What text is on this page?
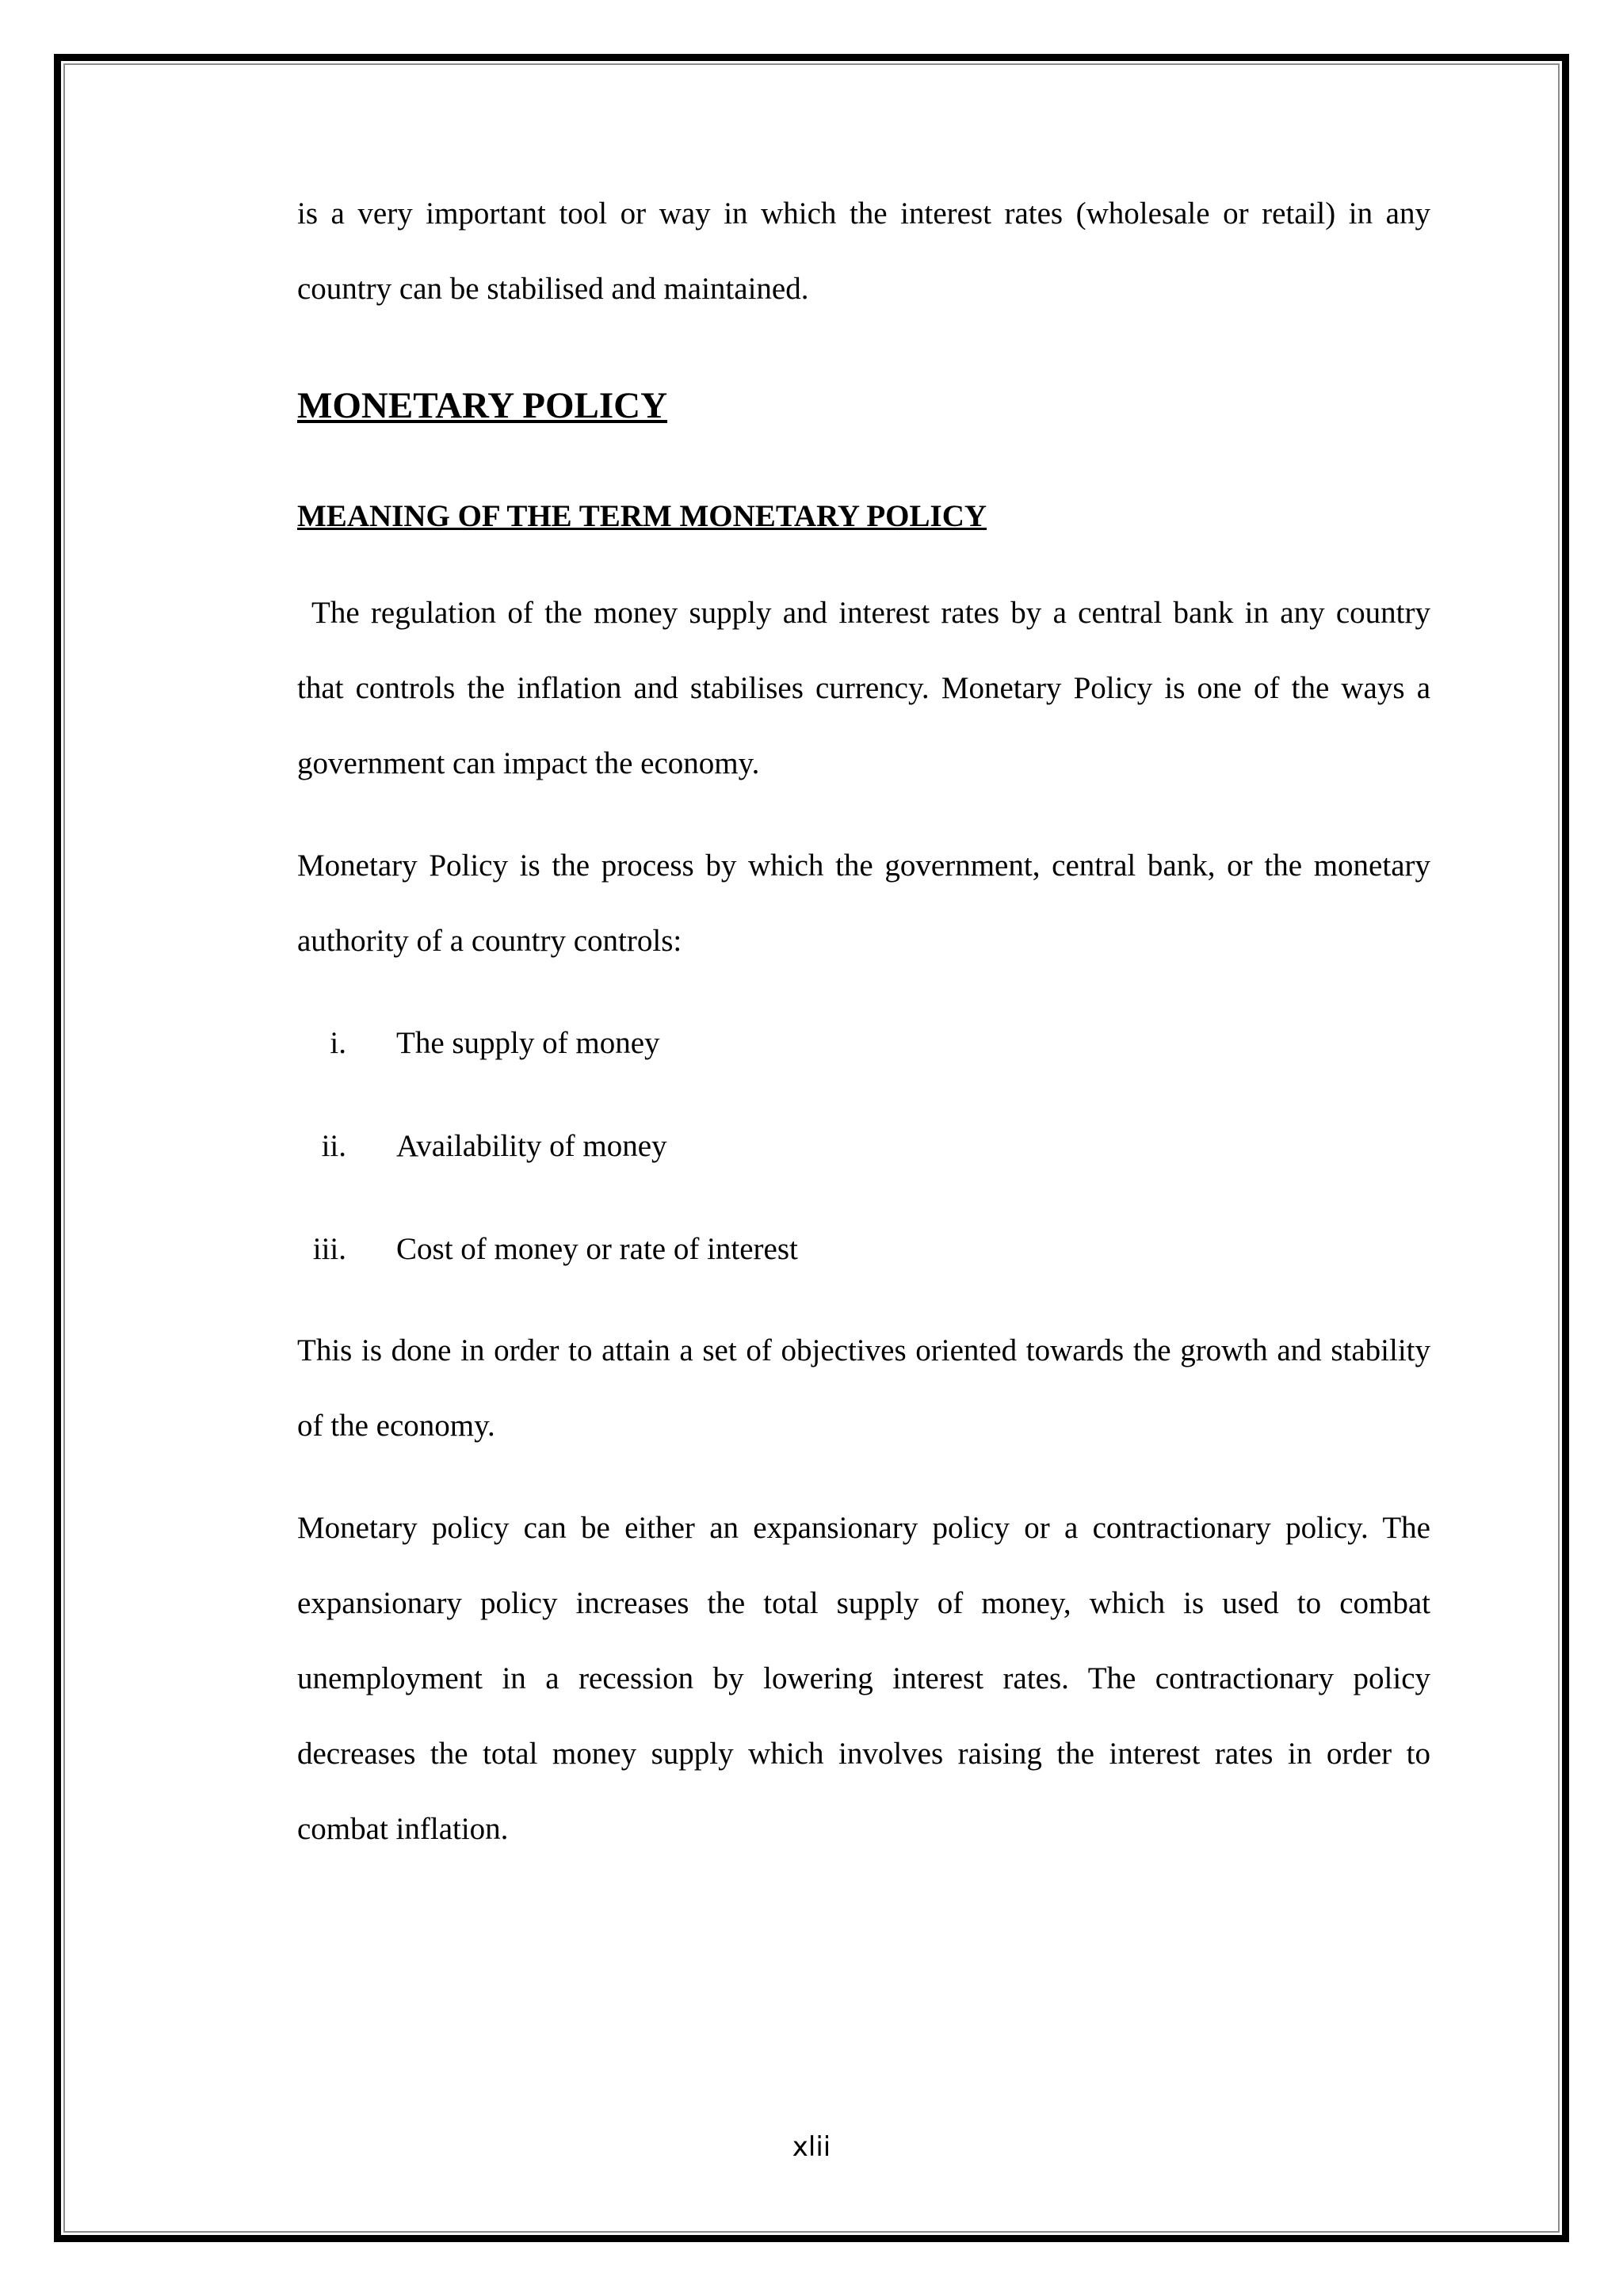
is a very important tool or way in which the interest rates (wholesale or retail) in any country can be stabilised and maintained.

MONETARY POLICY
MEANING OF THE TERM MONETARY POLICY

The regulation of the money supply and interest rates by a central bank in any country that controls the inflation and stabilises currency. Monetary Policy is one of the ways a government can impact the economy.

Monetary Policy is the process by which the government, central bank, or the monetary authority of a country controls:

i. The supply of money
ii. Availability of money
iii. Cost of money or rate of interest

This is done in order to attain a set of objectives oriented towards the growth and stability of the economy.

Monetary policy can be either an expansionary policy or a contractionary policy. The expansionary policy increases the total supply of money, which is used to combat unemployment in a recession by lowering interest rates. The contractionary policy decreases the total money supply which involves raising the interest rates in order to combat inflation.

xlii
